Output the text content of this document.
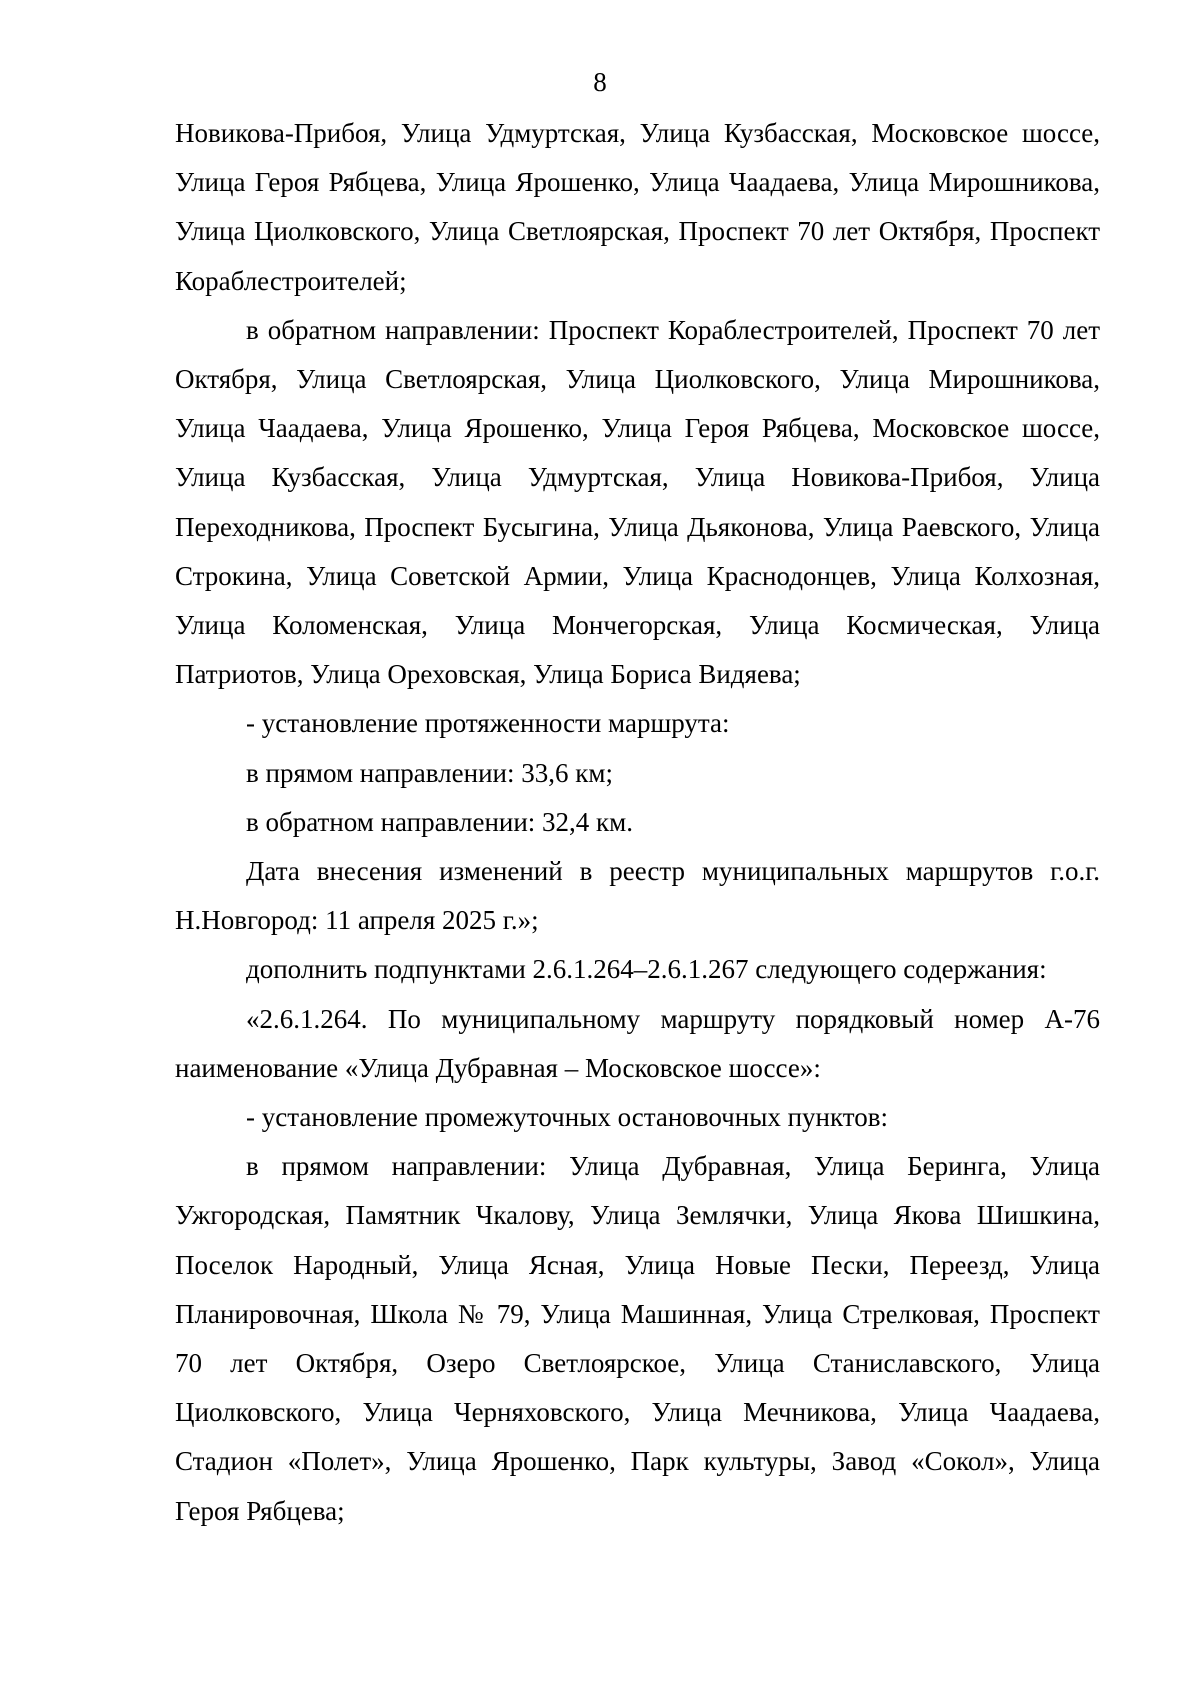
8

Новикова-Прибоя, Улица Удмуртская, Улица Кузбасская, Московское шоссе, Улица Героя Рябцева, Улица Ярошенко, Улица Чаадаева, Улица Мирошникова, Улица Циолковского, Улица Светлоярская, Проспект 70 лет Октября, Проспект Кораблестроителей;

в обратном направлении: Проспект Кораблестроителей, Проспект 70 лет Октября, Улица Светлоярская, Улица Циолковского, Улица Мирошникова, Улица Чаадаева, Улица Ярошенко, Улица Героя Рябцева, Московское шоссе, Улица Кузбасская, Улица Удмуртская, Улица Новикова-Прибоя, Улица Переходникова, Проспект Бусыгина, Улица Дьяконова, Улица Раевского, Улица Строкина, Улица Советской Армии, Улица Краснодонцев, Улица Колхозная, Улица Коломенская, Улица Мончегорская, Улица Космическая, Улица Патриотов, Улица Ореховская, Улица Бориса Видяева;

- установление протяженности маршрута:

в прямом направлении: 33,6 км;

в обратном направлении: 32,4 км.

Дата внесения изменений в реестр муниципальных маршрутов г.о.г. Н.Новгород: 11 апреля 2025 г.»;

дополнить подпунктами 2.6.1.264–2.6.1.267 следующего содержания:

«2.6.1.264. По муниципальному маршруту порядковый номер А-76 наименование «Улица Дубравная – Московское шоссе»:

- установление промежуточных остановочных пунктов:

в прямом направлении: Улица Дубравная, Улица Беринга, Улица Ужгородская, Памятник Чкалову, Улица Землячки, Улица Якова Шишкина, Поселок Народный, Улица Ясная, Улица Новые Пески, Переезд, Улица Планировочная, Школа № 79, Улица Машинная, Улица Стрелковая, Проспект 70 лет Октября, Озеро Светлоярское, Улица Станиславского, Улица Циолковского, Улица Черняховского, Улица Мечникова, Улица Чаадаева, Стадион «Полет», Улица Ярошенко, Парк культуры, Завод «Сокол», Улица Героя Рябцева;
